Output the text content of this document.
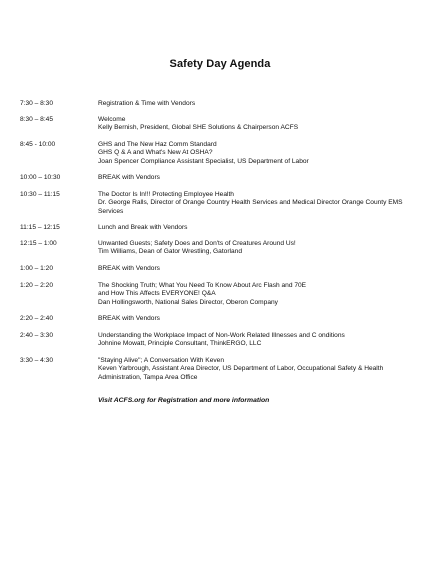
Safety Day Agenda
7:30 – 8:30	Registration & Time with Vendors
8:30 – 8:45	Welcome
Kelly Bernish, President, Global SHE Solutions & Chairperson ACFS
8:45 - 10:00	GHS and The New Haz Comm Standard
GHS Q & A and What's New At OSHA?
Joan Spencer Compliance Assistant Specialist, US Department of Labor
10:00 – 10:30	BREAK with Vendors
10:30 – 11:15	The Doctor Is In!!! Protecting Employee Health
Dr. George Ralls, Director of Orange Country Health Services and Medical Director Orange County EMS Services
11:15 – 12:15	Lunch and Break with Vendors
12:15 – 1:00	Unwanted Guests; Safety Does and Don'ts of Creatures Around Us!
Tim Williams, Dean of Gator Wrestling, Gatorland
1:00 – 1:20	BREAK with Vendors
1:20 – 2:20	The Shocking Truth; What You Need To Know About Arc Flash and 70E
and How This Affects EVERYONE! Q&A
Dan Hollingsworth, National Sales Director, Oberon Company
2:20 – 2:40	BREAK with Vendors
2:40 – 3:30	Understanding the Workplace Impact of Non-Work Related Illnesses and C onditions
Johnine Mowatt, Principle Consultant, ThinkERGO, LLC
3:30 – 4:30	"Staying Alive"; A Conversation With Keven
Keven Yarbrough, Assistant Area Director, US Department of Labor, Occupational Safety & Health Administration, Tampa Area Office
Visit ACFS.org for Registration and more information
